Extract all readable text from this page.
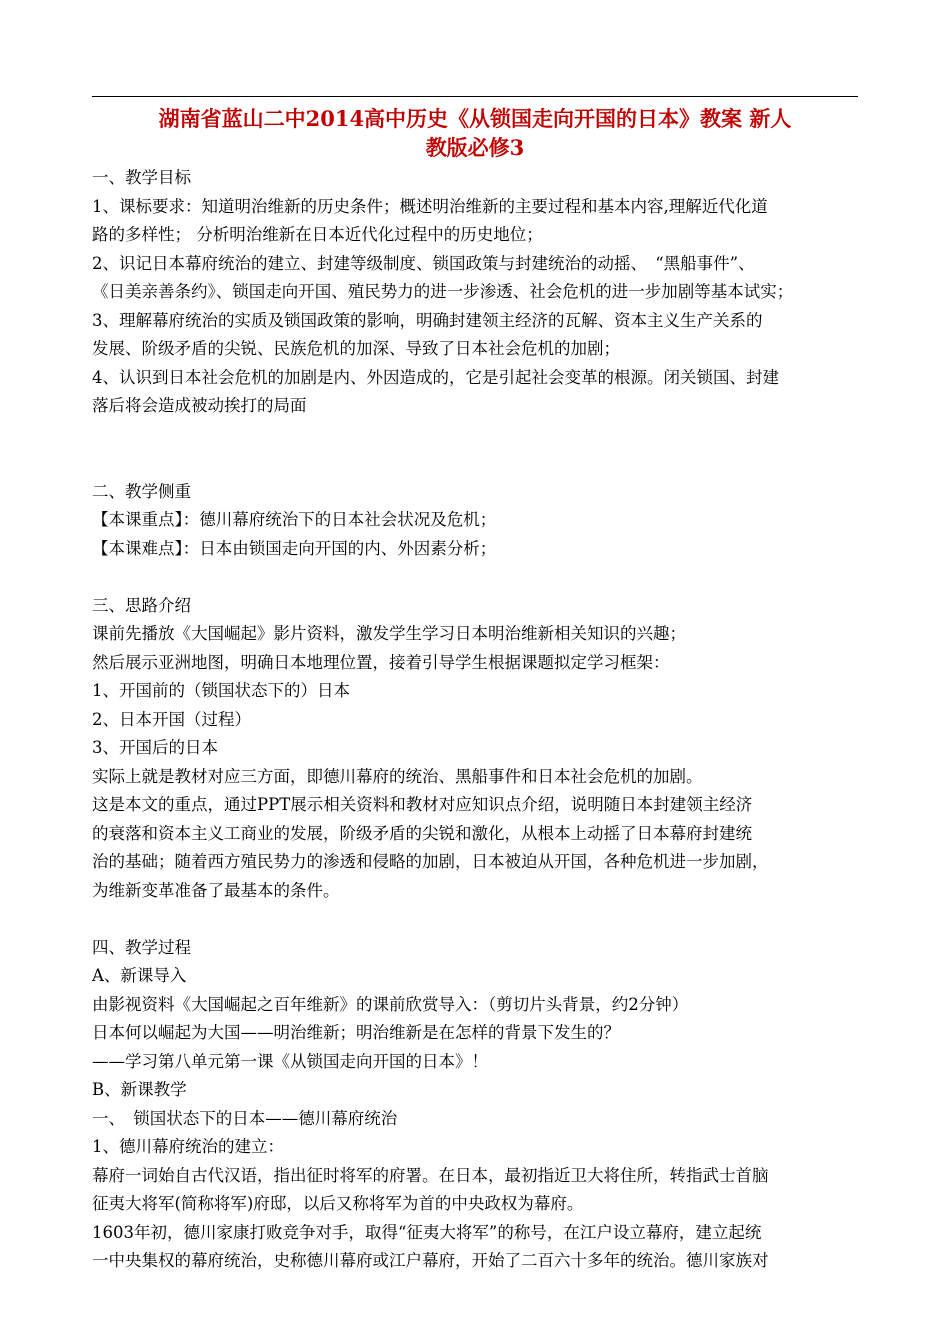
湖南省蓝山二中2014高中历史《从锁国走向开国的日本》教案 新人
教版必修3
一、教学目标
1、课标要求：知道明治维新的历史条件；概述明治维新的主要过程和基本内容,理解近代化道
路的多样性； 分析明治维新在日本近代化过程中的历史地位；
2、识记日本幕府统治的建立、封建等级制度、锁国政策与封建统治的动摇、　“黑船事件”、
《日美亲善条约》、锁国走向开国、殖民势力的进一步渗透、社会危机的进一步加剧等基本试实；
3、理解幕府统治的实质及锁国政策的影响，明确封建领主经济的瓦解、资本主义生产关系的
发展、阶级矛盾的尖锐、民族危机的加深、导致了日本社会危机的加剧；
4、认识到日本社会危机的加剧是内、外因造成的，它是引起社会变革的根源。闭关锁国、封建
落后将会造成被动挨打的局面
二、教学侧重
【本课重点】：德川幕府统治下的日本社会状况及危机；
【本课难点】：日本由锁国走向开国的内、外因素分析；
三、思路介绍
课前先播放《大国崛起》影片资料，激发学生学习日本明治维新相关知识的兴趣；
然后展示亚洲地图，明确日本地理位置，接着引导学生根据课题拟定学习框架：
1、开国前的（锁国状态下的）日本
2、日本开国（过程）
3、开国后的日本
实际上就是教材对应三方面，即德川幕府的统治、黑船事件和日本社会危机的加剧。
这是本文的重点，通过PPT展示相关资料和教材对应知识点介绍，说明随日本封建领主经济
的衰落和资本主义工商业的发展，阶级矛盾的尖锐和激化，从根本上动摇了日本幕府封建统
治的基础；随着西方殖民势力的渗透和侵略的加剧，日本被迫从开国，各种危机进一步加剧，
为维新变革准备了最基本的条件。
四、教学过程
A、新课导入
由影视资料《大国崛起之百年维新》的课前欣赏导入：（剪切片头背景，约2分钟）
日本何以崛起为大国——明治维新；明治维新是在怎样的背景下发生的？
——学习第八单元第一课《从锁国走向开国的日本》！
B、新课教学
一、　锁国状态下的日本——德川幕府统治
1、德川幕府统治的建立：
幕府一词始自古代汉语，指出征时将军的府署。在日本，最初指近卫大将住所，转指武士首脑
征夷大将军(简称将军)府邸，以后又称将军为首的中央政权为幕府。
1603年初，德川家康打败竞争对手，取得“征夷大将军”的称号，在江户设立幕府，建立起统
一中央集权的幕府统治，史称德川幕府或江户幕府，开始了二百六十多年的统治。德川家族对
